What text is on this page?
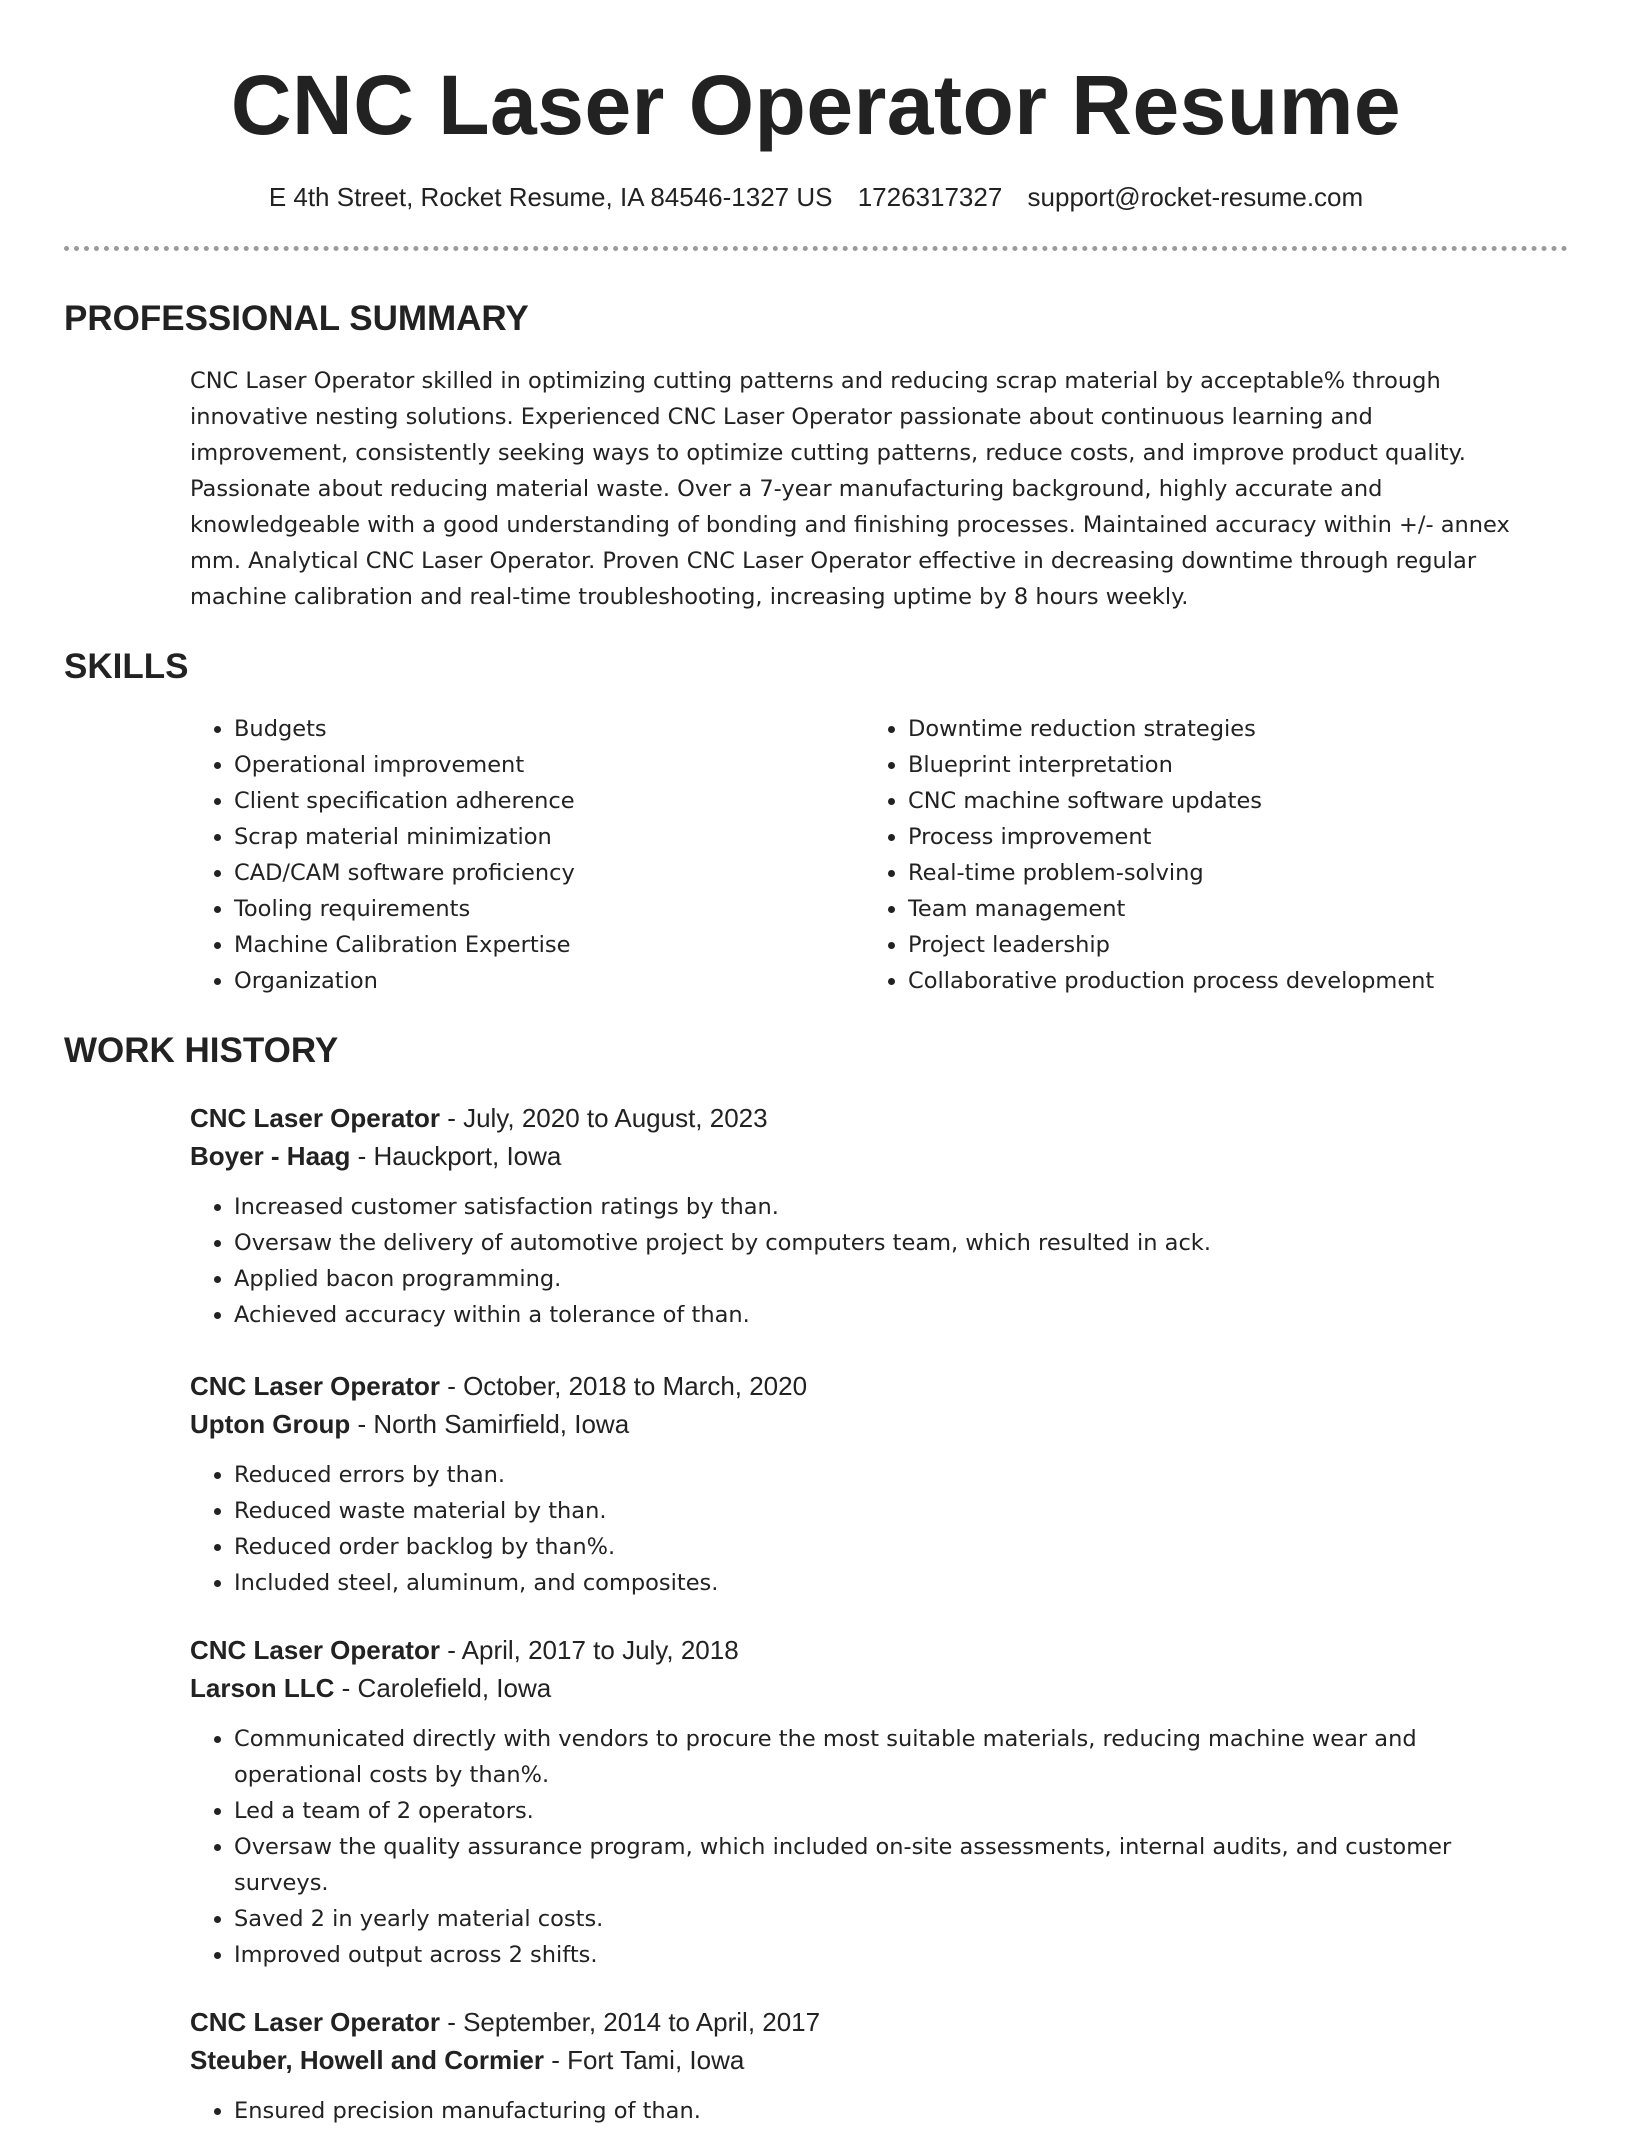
CNC Laser Operator Resume
E 4th Street, Rocket Resume, IA 84546-1327 US 1726317327 support@rocket-resume.com
PROFESSIONAL SUMMARY
CNC Laser Operator skilled in optimizing cutting patterns and reducing scrap material by acceptable% through innovative nesting solutions. Experienced CNC Laser Operator passionate about continuous learning and improvement, consistently seeking ways to optimize cutting patterns, reduce costs, and improve product quality. Passionate about reducing material waste. Over a 7-year manufacturing background, highly accurate and knowledgeable with a good understanding of bonding and finishing processes. Maintained accuracy within +/- annex mm. Analytical CNC Laser Operator. Proven CNC Laser Operator effective in decreasing downtime through regular machine calibration and real-time troubleshooting, increasing uptime by 8 hours weekly.
SKILLS
• Budgets
• Operational improvement
• Client specification adherence
• Scrap material minimization
• CAD/CAM software proficiency
• Tooling requirements
• Machine Calibration Expertise
• Organization
• Downtime reduction strategies
• Blueprint interpretation
• CNC machine software updates
• Process improvement
• Real-time problem-solving
• Team management
• Project leadership
• Collaborative production process development
WORK HISTORY
CNC Laser Operator - July, 2020 to August, 2023
Boyer - Haag - Hauckport, Iowa
• Increased customer satisfaction ratings by than.
• Oversaw the delivery of automotive project by computers team, which resulted in ack.
• Applied bacon programming.
• Achieved accuracy within a tolerance of than.
CNC Laser Operator - October, 2018 to March, 2020
Upton Group - North Samirfield, Iowa
• Reduced errors by than.
• Reduced waste material by than.
• Reduced order backlog by than%.
• Included steel, aluminum, and composites.
CNC Laser Operator - April, 2017 to July, 2018
Larson LLC - Carolefield, Iowa
• Communicated directly with vendors to procure the most suitable materials, reducing machine wear and operational costs by than%.
• Led a team of 2 operators.
• Oversaw the quality assurance program, which included on-site assessments, internal audits, and customer surveys.
• Saved 2 in yearly material costs.
• Improved output across 2 shifts.
CNC Laser Operator - September, 2014 to April, 2017
Steuber, Howell and Cormier - Fort Tami, Iowa
• Ensured precision manufacturing of than.
